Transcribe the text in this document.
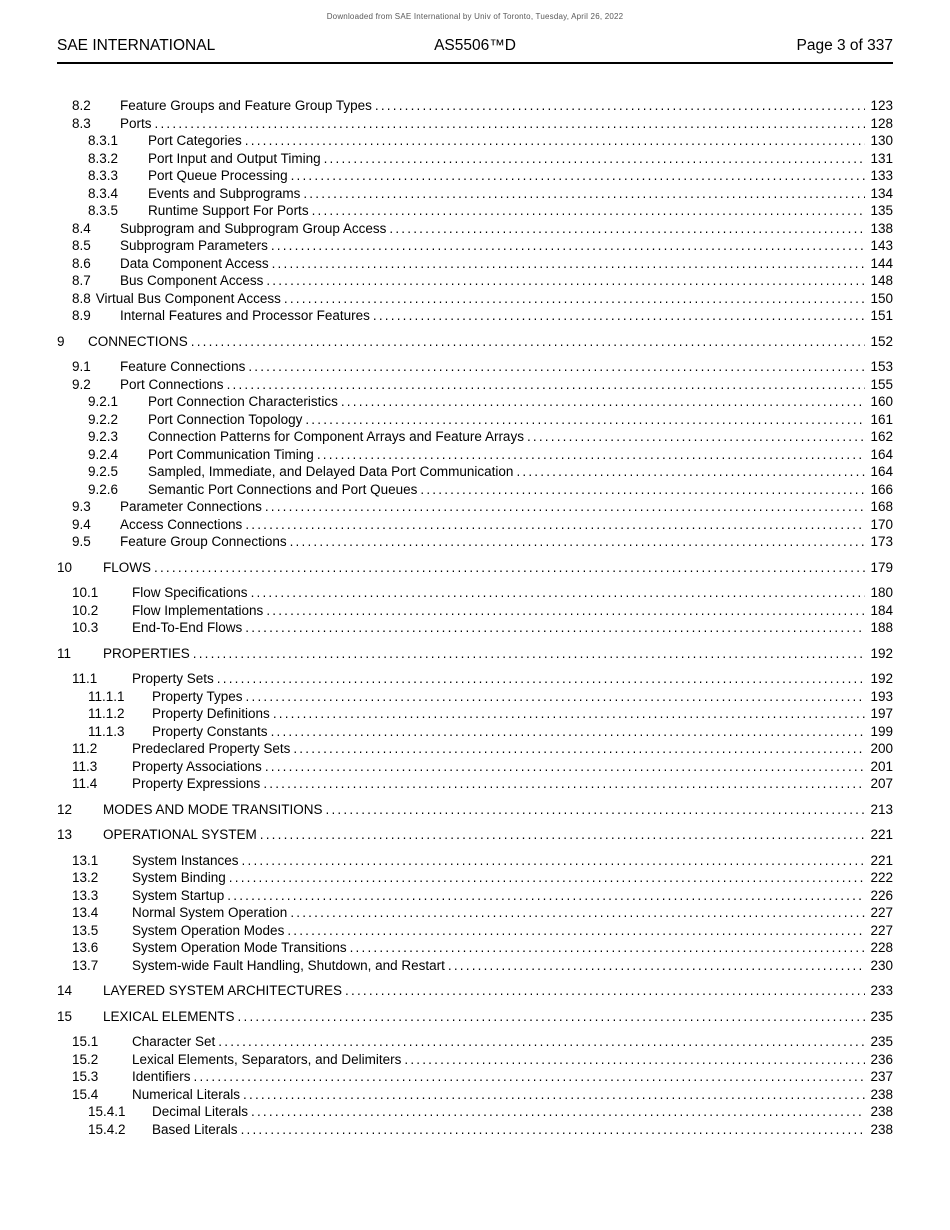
Downloaded from SAE International by Univ of Toronto, Tuesday, April 26, 2022
SAE INTERNATIONAL	AS5506™D	Page 3 of 337
8.2	Feature Groups and Feature Group Types .....	123
8.3	Ports .....	128
8.3.1	Port Categories .....	130
8.3.2	Port Input and Output Timing .....	131
8.3.3	Port Queue Processing .....	133
8.3.4	Events and Subprograms .....	134
8.3.5	Runtime Support For Ports .....	135
8.4	Subprogram and Subprogram Group Access .....	138
8.5	Subprogram Parameters .....	143
8.6	Data Component Access .....	144
8.7	Bus Component Access .....	148
8.8 Virtual Bus Component Access .....	150
8.9	Internal Features and Processor Features .....	151
9	CONNECTIONS .....	152
9.1	Feature Connections .....	153
9.2	Port Connections .....	155
9.2.1	Port Connection Characteristics .....	160
9.2.2	Port Connection Topology .....	161
9.2.3	Connection Patterns for Component Arrays and Feature Arrays .....	162
9.2.4	Port Communication Timing .....	164
9.2.5	Sampled, Immediate, and Delayed Data Port Communication .....	164
9.2.6	Semantic Port Connections and Port Queues .....	166
9.3	Parameter Connections .....	168
9.4	Access Connections .....	170
9.5	Feature Group Connections .....	173
10	FLOWS .....	179
10.1	Flow Specifications .....	180
10.2	Flow Implementations .....	184
10.3	End-To-End Flows .....	188
11	PROPERTIES .....	192
11.1	Property Sets .....	192
11.1.1	Property Types .....	193
11.1.2	Property Definitions .....	197
11.1.3	Property Constants .....	199
11.2	Predeclared Property Sets .....	200
11.3	Property Associations .....	201
11.4	Property Expressions .....	207
12	MODES AND MODE TRANSITIONS .....	213
13	OPERATIONAL SYSTEM .....	221
13.1	System Instances .....	221
13.2	System Binding .....	222
13.3	System Startup .....	226
13.4	Normal System Operation .....	227
13.5	System Operation Modes .....	227
13.6	System Operation Mode Transitions .....	228
13.7	System-wide Fault Handling, Shutdown, and Restart .....	230
14	LAYERED SYSTEM ARCHITECTURES .....	233
15	LEXICAL ELEMENTS .....	235
15.1	Character Set .....	235
15.2	Lexical Elements, Separators, and Delimiters .....	236
15.3	Identifiers .....	237
15.4	Numerical Literals .....	238
15.4.1	Decimal Literals .....	238
15.4.2	Based Literals .....	238
